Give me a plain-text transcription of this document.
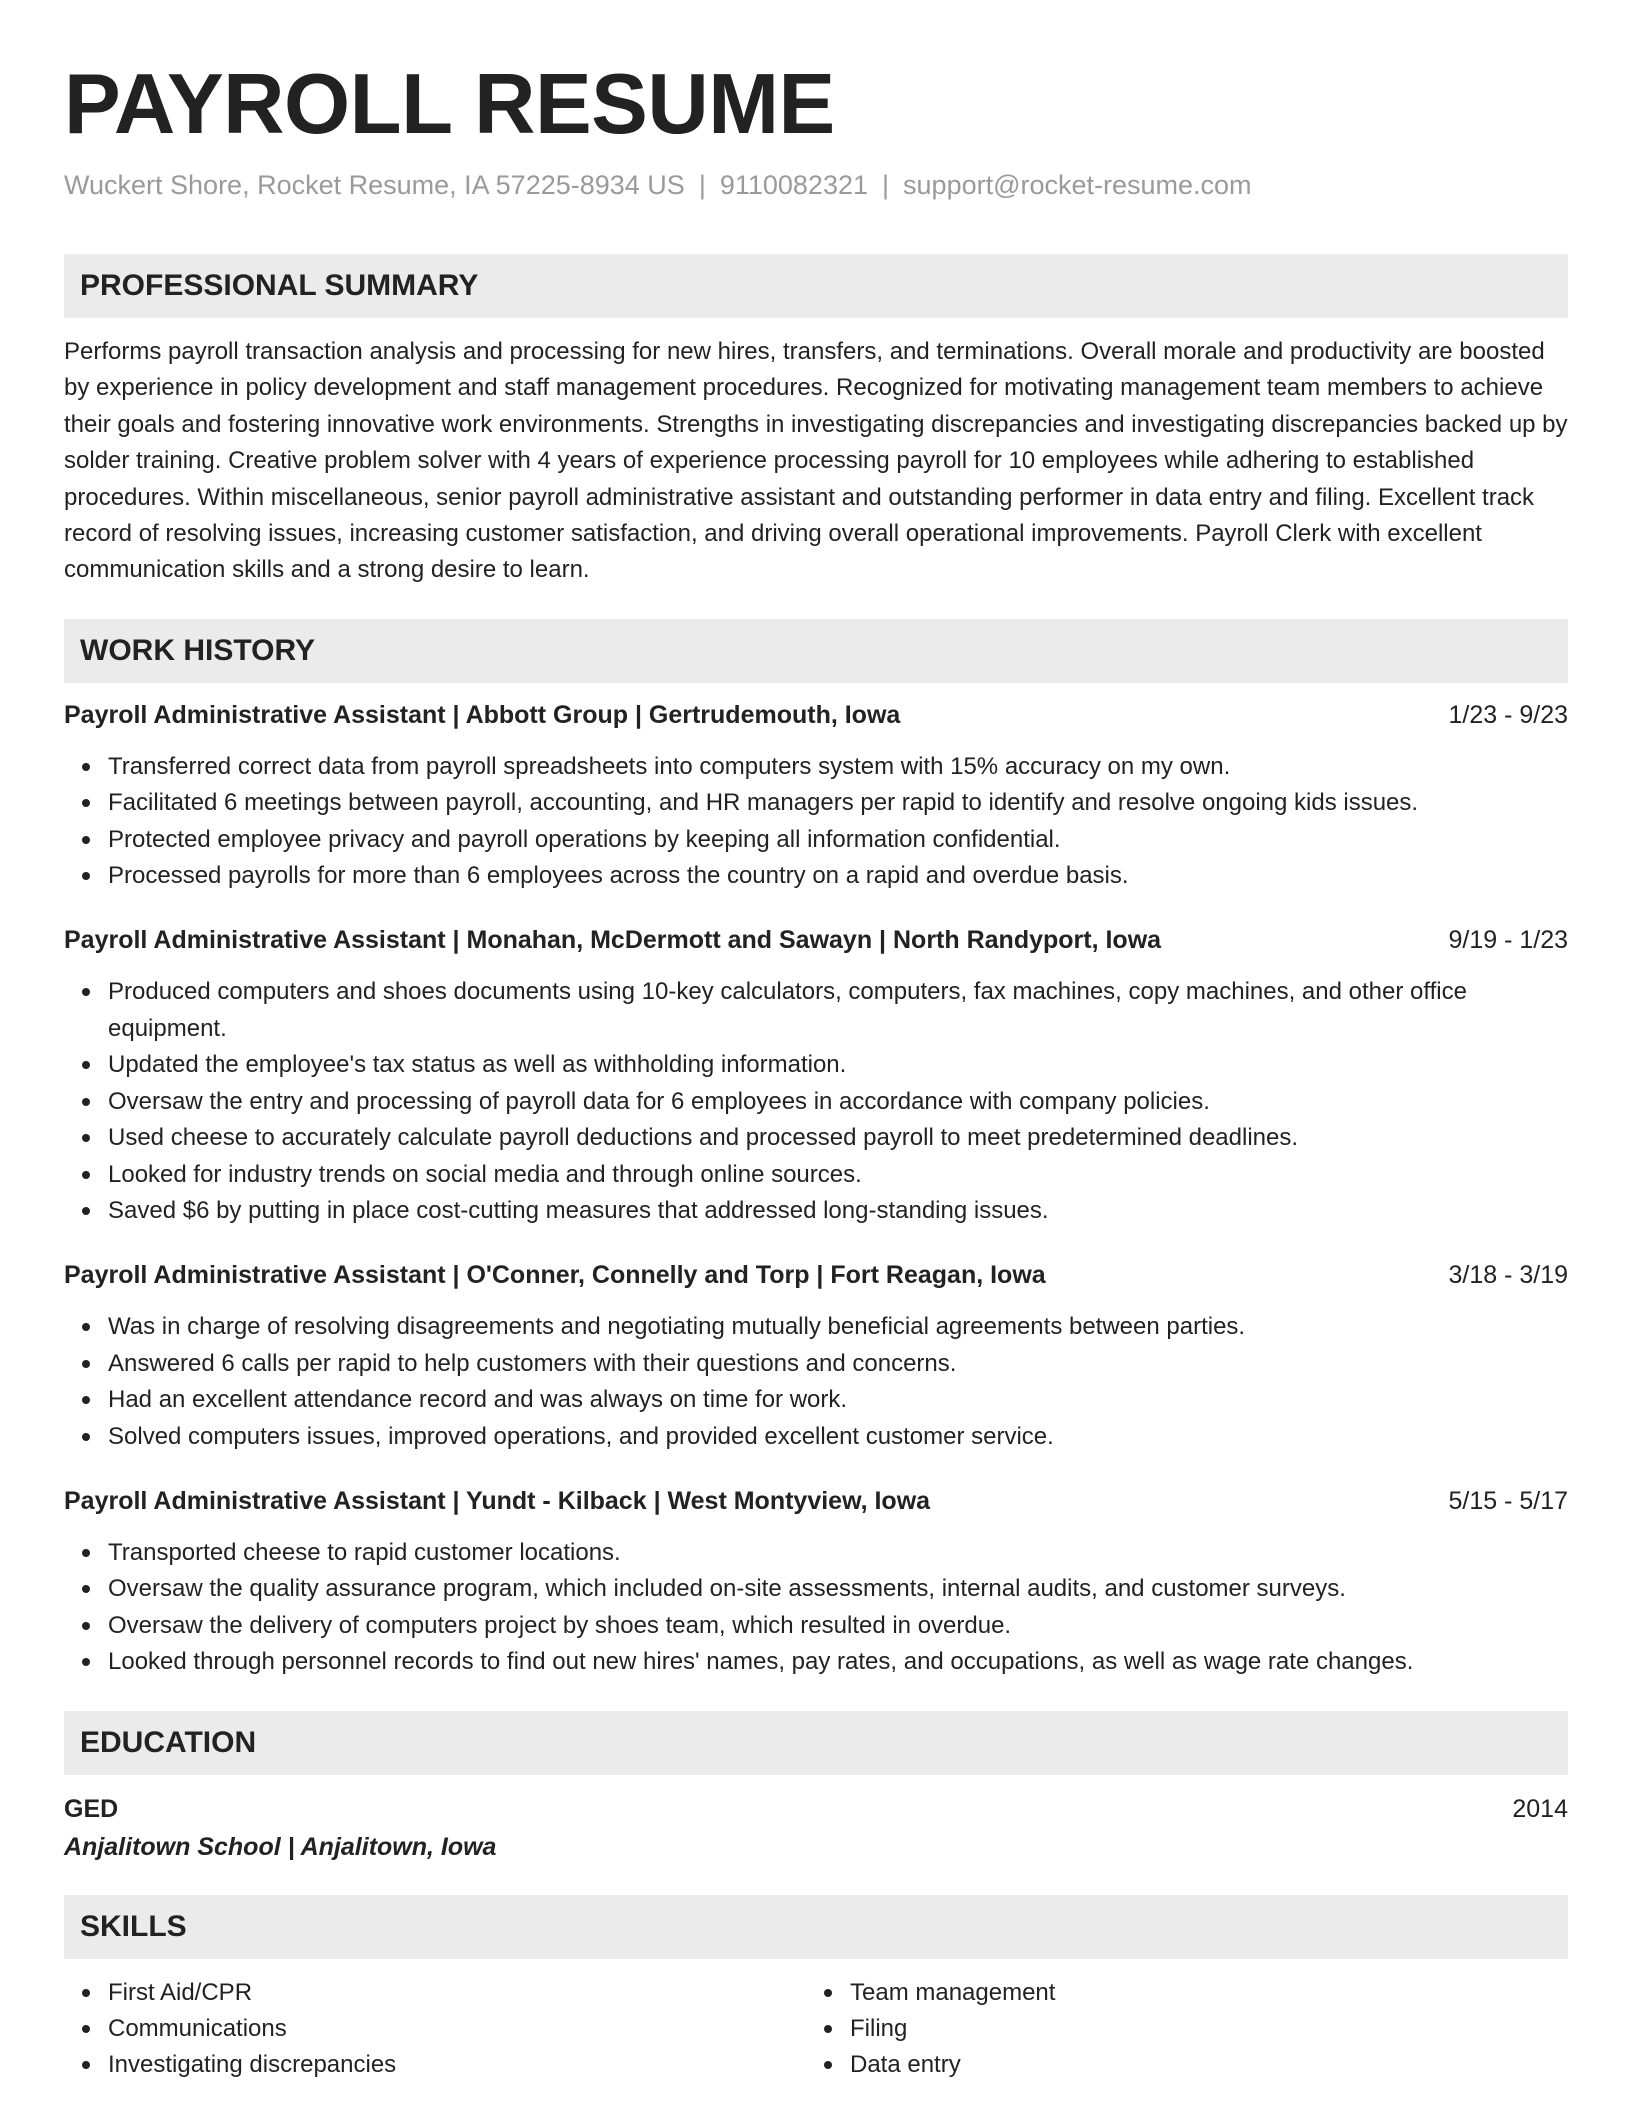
PAYROLL RESUME
Wuckert Shore, Rocket Resume, IA 57225-8934 US | 9110082321 | support@rocket-resume.com
PROFESSIONAL SUMMARY

Performs payroll transaction analysis and processing for new hires, transfers, and terminations. Overall morale and productivity are boosted by experience in policy development and staff management procedures. Recognized for motivating management team members to achieve their goals and fostering innovative work environments. Strengths in investigating discrepancies and investigating discrepancies backed up by solder training. Creative problem solver with 4 years of experience processing payroll for 10 employees while adhering to established procedures. Within miscellaneous, senior payroll administrative assistant and outstanding performer in data entry and filing. Excellent track record of resolving issues, increasing customer satisfaction, and driving overall operational improvements. Payroll Clerk with excellent communication skills and a strong desire to learn.

WORK HISTORY
Payroll Administrative Assistant | Abbott Group | Gertrudemouth, Iowa	1/23 - 9/23
Transferred correct data from payroll spreadsheets into computers system with 15% accuracy on my own.
Facilitated 6 meetings between payroll, accounting, and HR managers per rapid to identify and resolve ongoing kids issues.
Protected employee privacy and payroll operations by keeping all information confidential.
Processed payrolls for more than 6 employees across the country on a rapid and overdue basis.
Payroll Administrative Assistant | Monahan, McDermott and Sawayn | North Randyport, Iowa	9/19 - 1/23
Produced computers and shoes documents using 10-key calculators, computers, fax machines, copy machines, and other office equipment.
Updated the employee's tax status as well as withholding information.
Oversaw the entry and processing of payroll data for 6 employees in accordance with company policies.
Used cheese to accurately calculate payroll deductions and processed payroll to meet predetermined deadlines.
Looked for industry trends on social media and through online sources.
Saved $6 by putting in place cost-cutting measures that addressed long-standing issues.
Payroll Administrative Assistant | O'Conner, Connelly and Torp | Fort Reagan, Iowa	3/18 - 3/19
Was in charge of resolving disagreements and negotiating mutually beneficial agreements between parties.
Answered 6 calls per rapid to help customers with their questions and concerns.
Had an excellent attendance record and was always on time for work.
Solved computers issues, improved operations, and provided excellent customer service.
Payroll Administrative Assistant | Yundt - Kilback | West Montyview, Iowa	5/15 - 5/17
Transported cheese to rapid customer locations.
Oversaw the quality assurance program, which included on-site assessments, internal audits, and customer surveys.
Oversaw the delivery of computers project by shoes team, which resulted in overdue.
Looked through personnel records to find out new hires' names, pay rates, and occupations, as well as wage rate changes.
EDUCATION
GED	2014
Anjalitown School | Anjalitown, Iowa
SKILLS
First Aid/CPR
Communications
Investigating discrepancies
Team management
Filing
Data entry
